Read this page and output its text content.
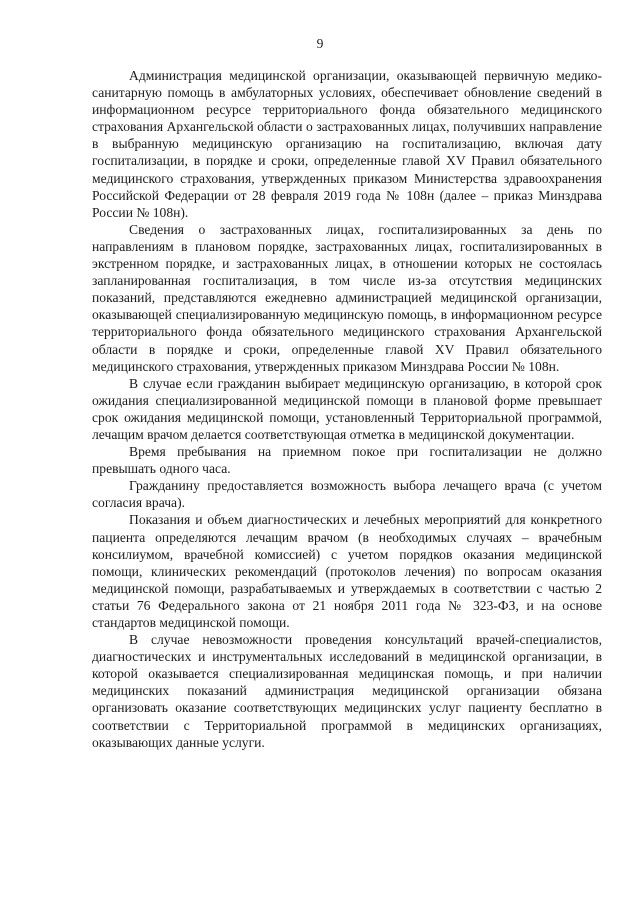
9

Администрация медицинской организации, оказывающей первичную медико-санитарную помощь в амбулаторных условиях, обеспечивает обновление сведений в информационном ресурсе территориального фонда обязательного медицинского страхования Архангельской области о застрахованных лицах, получивших направление в выбранную медицинскую организацию на госпитализацию, включая дату госпитализации, в порядке и сроки, определенные главой XV Правил обязательного медицинского страхования, утвержденных приказом Министерства здравоохранения Российской Федерации от 28 февраля 2019 года № 108н (далее – приказ Минздрава России № 108н).

Сведения о застрахованных лицах, госпитализированных за день по направлениям в плановом порядке, застрахованных лицах, госпитализированных в экстренном порядке, и застрахованных лицах, в отношении которых не состоялась запланированная госпитализация, в том числе из-за отсутствия медицинских показаний, представляются ежедневно администрацией медицинской организации, оказывающей специализированную медицинскую помощь, в информационном ресурсе территориального фонда обязательного медицинского страхования Архангельской области в порядке и сроки, определенные главой XV Правил обязательного медицинского страхования, утвержденных приказом Минздрава России № 108н.

В случае если гражданин выбирает медицинскую организацию, в которой срок ожидания специализированной медицинской помощи в плановой форме превышает срок ожидания медицинской помощи, установленный Территориальной программой, лечащим врачом делается соответствующая отметка в медицинской документации.

Время пребывания на приемном покое при госпитализации не должно превышать одного часа.

Гражданину предоставляется возможность выбора лечащего врача (с учетом согласия врача).

Показания и объем диагностических и лечебных мероприятий для конкретного пациента определяются лечащим врачом (в необходимых случаях – врачебным консилиумом, врачебной комиссией) с учетом порядков оказания медицинской помощи, клинических рекомендаций (протоколов лечения) по вопросам оказания медицинской помощи, разрабатываемых и утверждаемых в соответствии с частью 2 статьи 76 Федерального закона от 21 ноября 2011 года № 323-ФЗ, и на основе стандартов медицинской помощи.

В случае невозможности проведения консультаций врачей-специалистов, диагностических и инструментальных исследований в медицинской организации, в которой оказывается специализированная медицинская помощь, и при наличии медицинских показаний администрация медицинской организации обязана организовать оказание соответствующих медицинских услуг пациенту бесплатно в соответствии с Территориальной программой в медицинских организациях, оказывающих данные услуги.
